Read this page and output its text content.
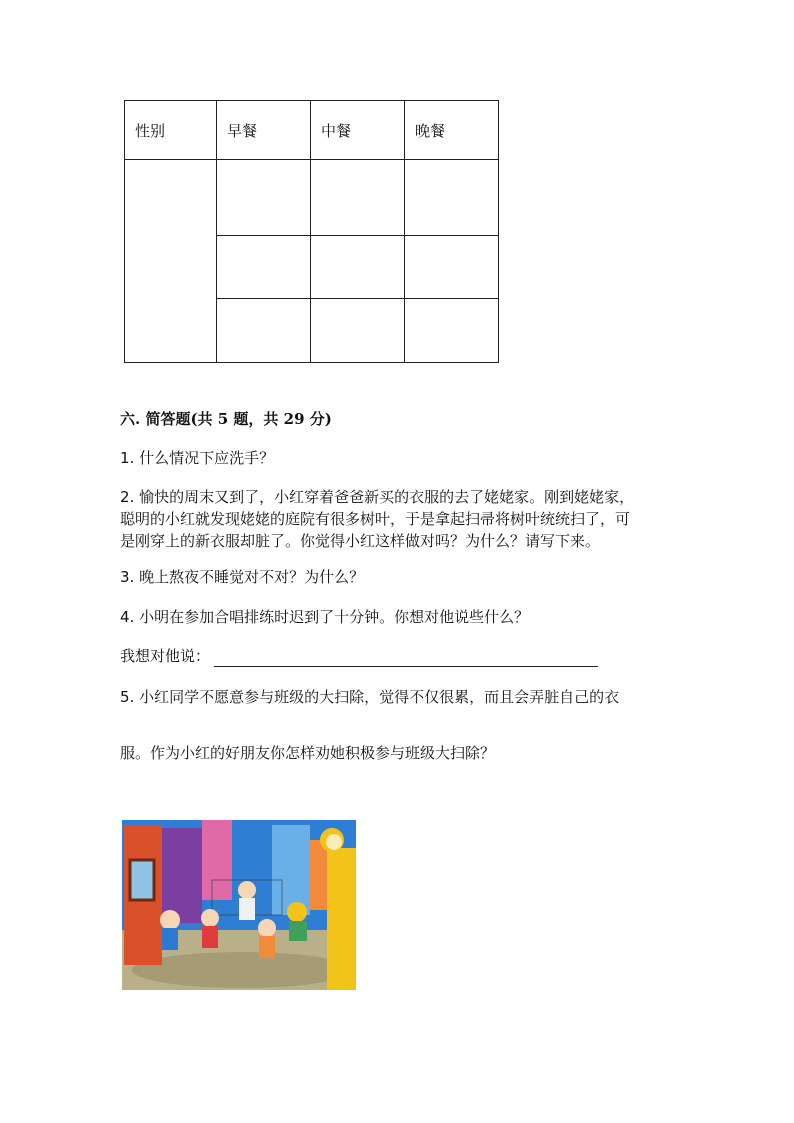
性别	早餐	中餐	晚餐

六. 简答题(共 5 题，共 29 分)
1. 什么情况下应洗手？
2. 愉快的周末又到了，小红穿着爸爸新买的衣服的去了姥姥家。刚到姥姥家，
聪明的小红就发现姥姥的庭院有很多树叶，于是拿起扫帚将树叶统统扫了，可
是刚穿上的新衣服却脏了。你觉得小红这样做对吗？为什么？请写下来。
3. 晚上熬夜不睡觉对不对？为什么？
4. 小明在参加合唱排练时迟到了十分钟。你想对他说些什么？
我想对他说：
5. 小红同学不愿意参与班级的大扫除，觉得不仅很累，而且会弄脏自己的衣
服。作为小红的好朋友你怎样劝她积极参与班级大扫除？
